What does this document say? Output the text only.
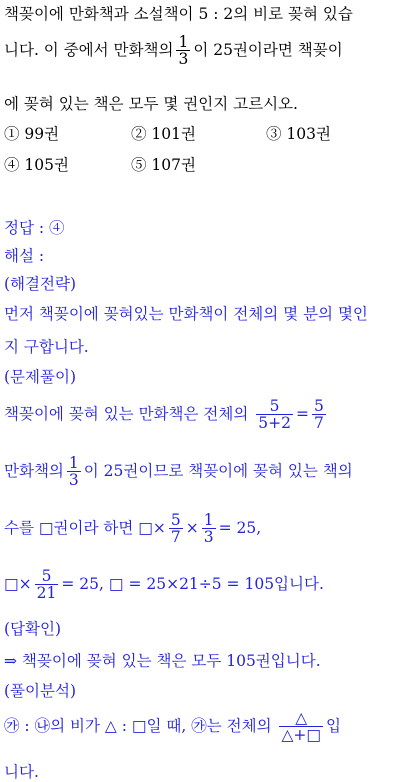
책꽂이에 만화책과 소설책이 5 : 2의 비로 꽂혀 있습
니다. 이 중에서 만화책의 $\frac{1}{3}$ 이 25권이라면 책꽂이
에 꽂혀 있는 책은 모두 몇 권인지 고르시오.
① 99권	② 101권	③ 103권
④ 105권	⑤ 107권
정답 : ④
해설 :
(해결전략)
먼저 책꽂이에 꽂혀있는 만화책이 전체의 몇 분의 몇인
지 구합니다.
(문제풀이)
책꽂이에 꽂혀 있는 만화책은 전체의 $\frac{5}{5+2} = \frac{5}{7}$
만화책의 $\frac{1}{3}$ 이 25권이므로 책꽂이에 꽂혀 있는 책의
수를 □권이라 하면 □× $\frac{5}{7} \times \frac{1}{3} = 25$,
□× $\frac{5}{21} = 25$, □ = 25×21÷5 = 105입니다.
(답확인)
⇒ 책꽂이에 꽂혀 있는 책은 모두 105권입니다.
(풀이분석)
㉮ : ㉯의 비가 △ : □일 때, ㉮는 전체의 $\frac{\triangle}{\triangle+□}$ 입
니다.
